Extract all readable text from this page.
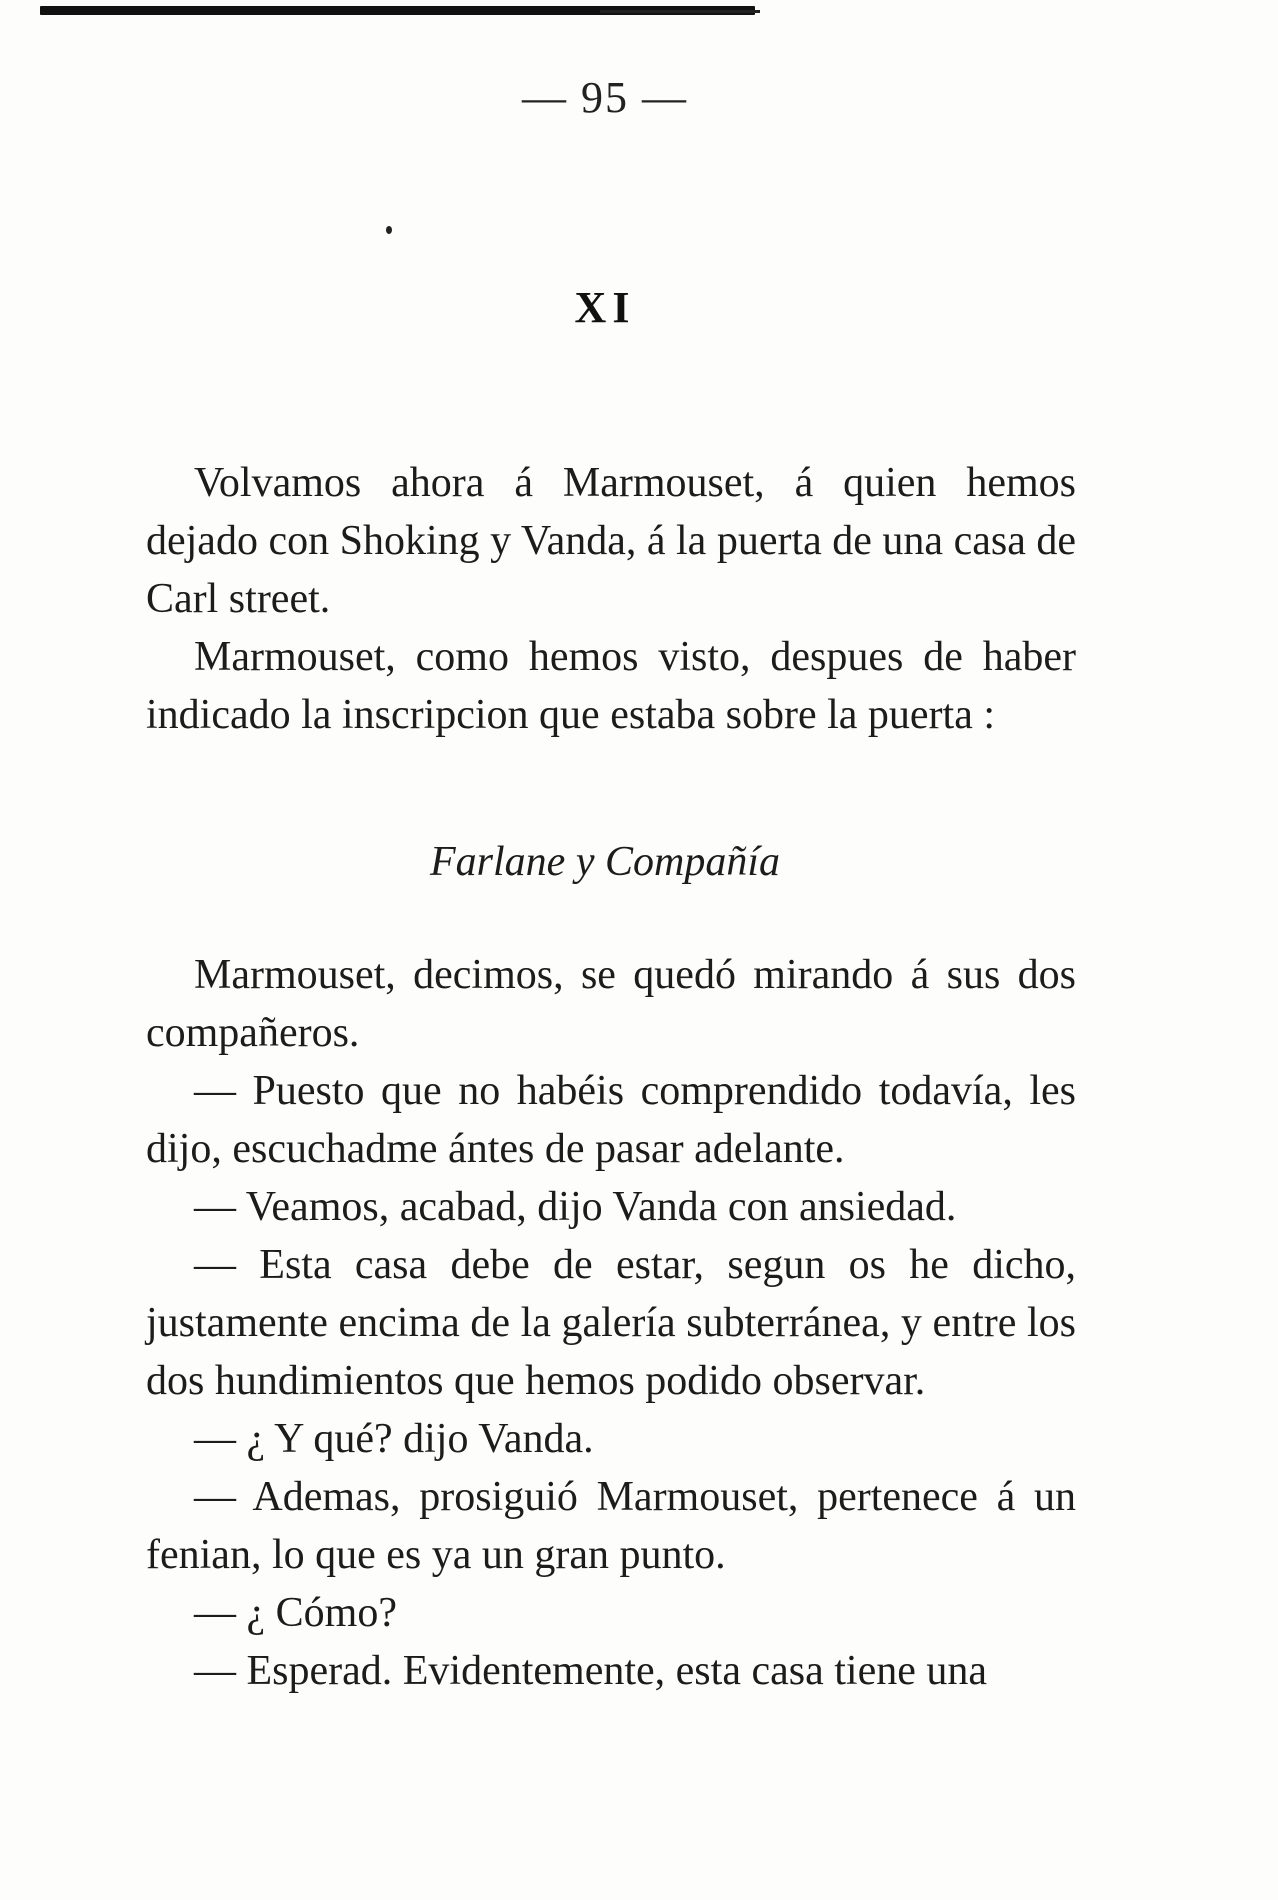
— 95 —
XI

Volvamos ahora á Marmouset, á quien hemos dejado con Shoking y Vanda, á la puerta de una casa de Carl street.

Marmouset, como hemos visto, despues de haber indicado la inscripcion que estaba sobre la puerta :

Farlane y Compañía

Marmouset, decimos, se quedó mirando á sus dos compañeros.

— Puesto que no habéis comprendido todavía, les dijo, escuchadme ántes de pasar adelante.

— Veamos, acabad, dijo Vanda con ansiedad.

— Esta casa debe de estar, segun os he dicho, justamente encima de la galería subterránea, y entre los dos hundimientos que hemos podido observar.

— ¿ Y qué? dijo Vanda.

— Ademas, prosiguió Marmouset, pertenece á un fenian, lo que es ya un gran punto.

— ¿ Cómo?

— Esperad. Evidentemente, esta casa tiene una
